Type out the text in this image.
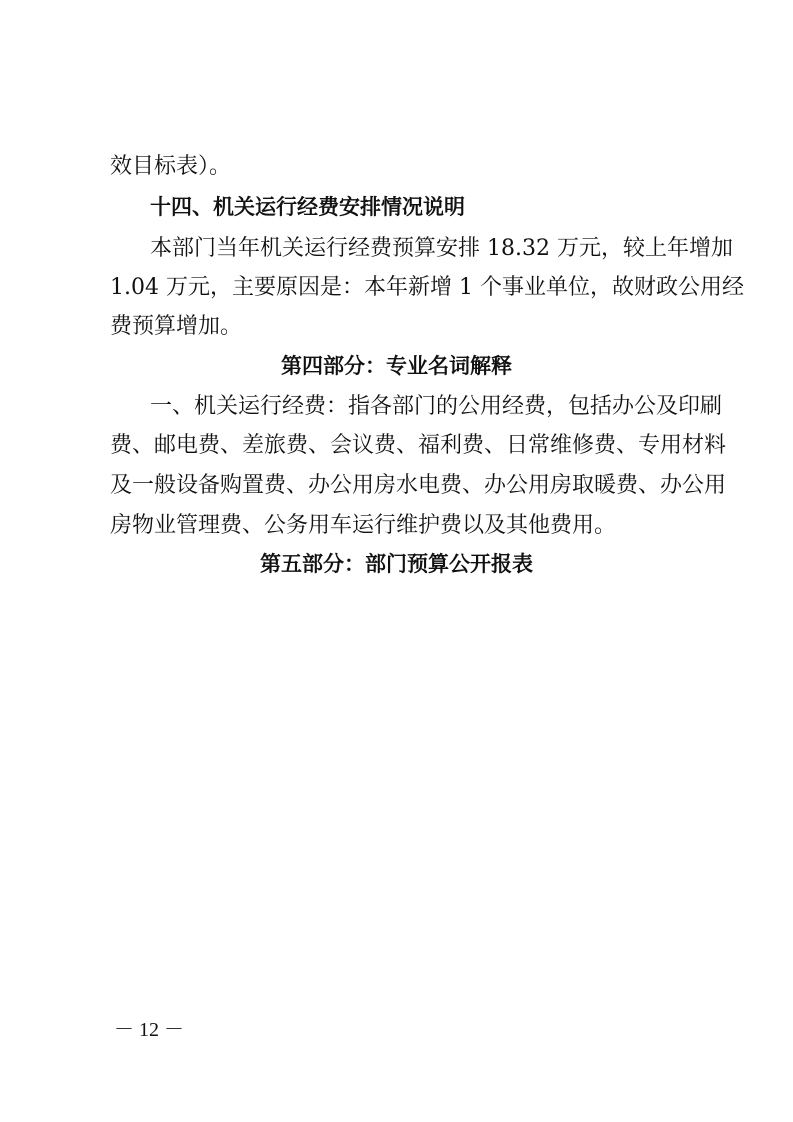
效目标表）。
十四、机关运行经费安排情况说明
本部门当年机关运行经费预算安排 18.32 万元，较上年增加
1.04 万元，主要原因是：本年新增 1 个事业单位，故财政公用经
费预算增加。
第四部分：专业名词解释
一、机关运行经费：指各部门的公用经费，包括办公及印刷
费、邮电费、差旅费、会议费、福利费、日常维修费、专用材料
及一般设备购置费、办公用房水电费、办公用房取暖费、办公用
房物业管理费、公务用车运行维护费以及其他费用。
第五部分：部门预算公开报表
－ 12 －
